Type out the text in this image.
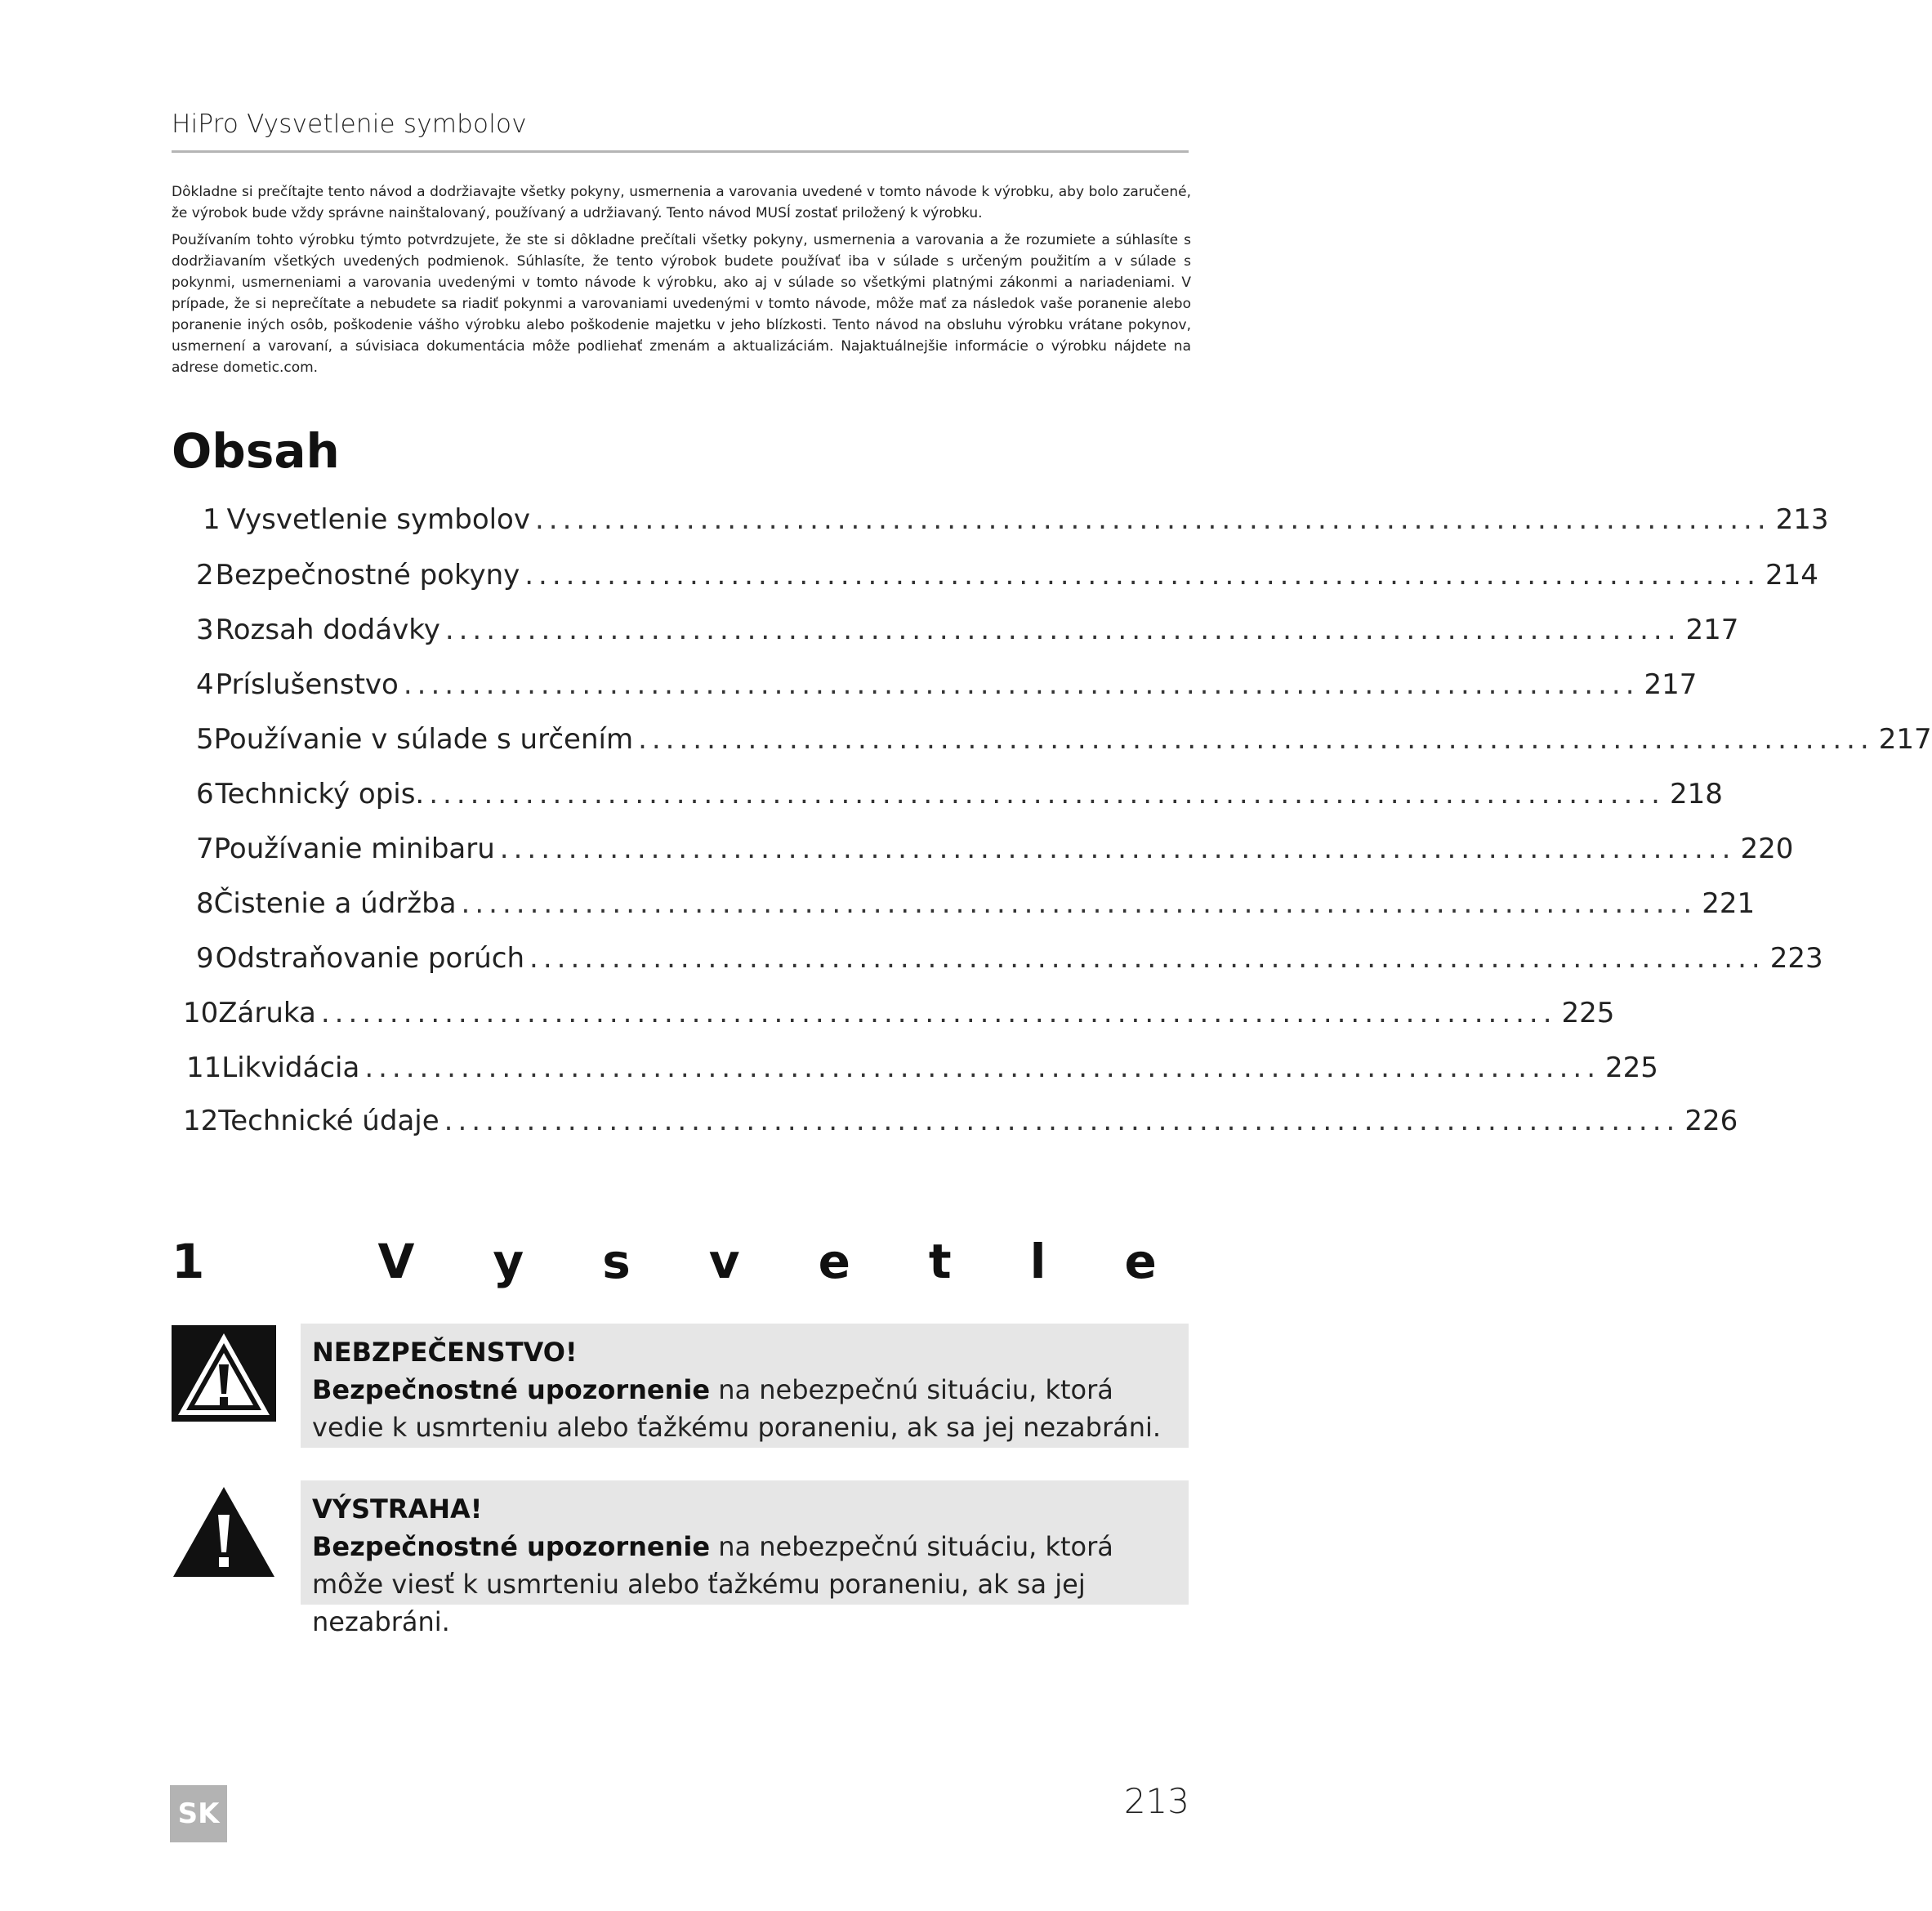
HiPro Vysvetlenie symbolov

Dôkladne si prečítajte tento návod a dodržiavajte všetky pokyny, usmernenia a varovania uvedené v tomto návode k výrobku, aby bolo zaručené, že výrobok bude vždy správne nainštalovaný, používaný a udržiavaný. Tento návod MUSÍ zostať priložený k výrobku.

Používaním tohto výrobku týmto potvrdzujete, že ste si dôkladne prečítali všetky pokyny, usmernenia a varovania a že rozumiete a súhlasíte s dodržiavaním všetkých uvedených podmienok. Súhlasíte, že tento výrobok budete používať iba v súlade s určeným použitím a v súlade s pokynmi, usmerneniami a varovania uvedenými v tomto návode k výrobku, ako aj v súlade so všetkými platnými zákonmi a nariadeniami. V prípade, že si neprečítate a nebudete sa riadiť pokynmi a varovaniami uvedenými v tomto návode, môže mať za následok vaše poranenie alebo poranenie iných osôb, poškodenie vášho výrobku alebo poškodenie majetku v jeho blízkosti. Tento návod na obsluhu výrobku vrátane pokynov, usmernení a varovaní, a súvisiaca dokumentácia môže podliehať zmenám a aktualizáciám. Najaktuálnejšie informácie o výrobku nájdete na adrese dometic.com.

Obsah
1 Vysvetlenie symbolov .......................................................................................... 213
2 Bezpečnostné pokyny .......................................................................................... 214
3 Rozsah dodávky .......................................................................................... 217
4 Príslušenstvo .......................................................................................... 217
5 Používanie v súlade s určením .......................................................................................... 217
6 Technický opis. .......................................................................................... 218
7 Používanie minibaru .......................................................................................... 220
8 Čistenie a údržba .......................................................................................... 221
9 Odstraňovanie porúch .......................................................................................... 223
10 Záruka .......................................................................................... 225
11 Likvidácia .......................................................................................... 225
12 Technické údaje .......................................................................................... 226
1 Vysvetle
NEBZPEČENSTVO!
Bezpečnostné upozornenie na nebezpečnú situáciu, ktorá vedie k usmrteniu alebo ťažkému poraneniu, ak sa jej nezabráni.
VÝSTRAHA!
Bezpečnostné upozornenie na nebezpečnú situáciu, ktorá môže viesť k usmrteniu alebo ťažkému poraneniu, ak sa jej nezabráni.
SK	213
